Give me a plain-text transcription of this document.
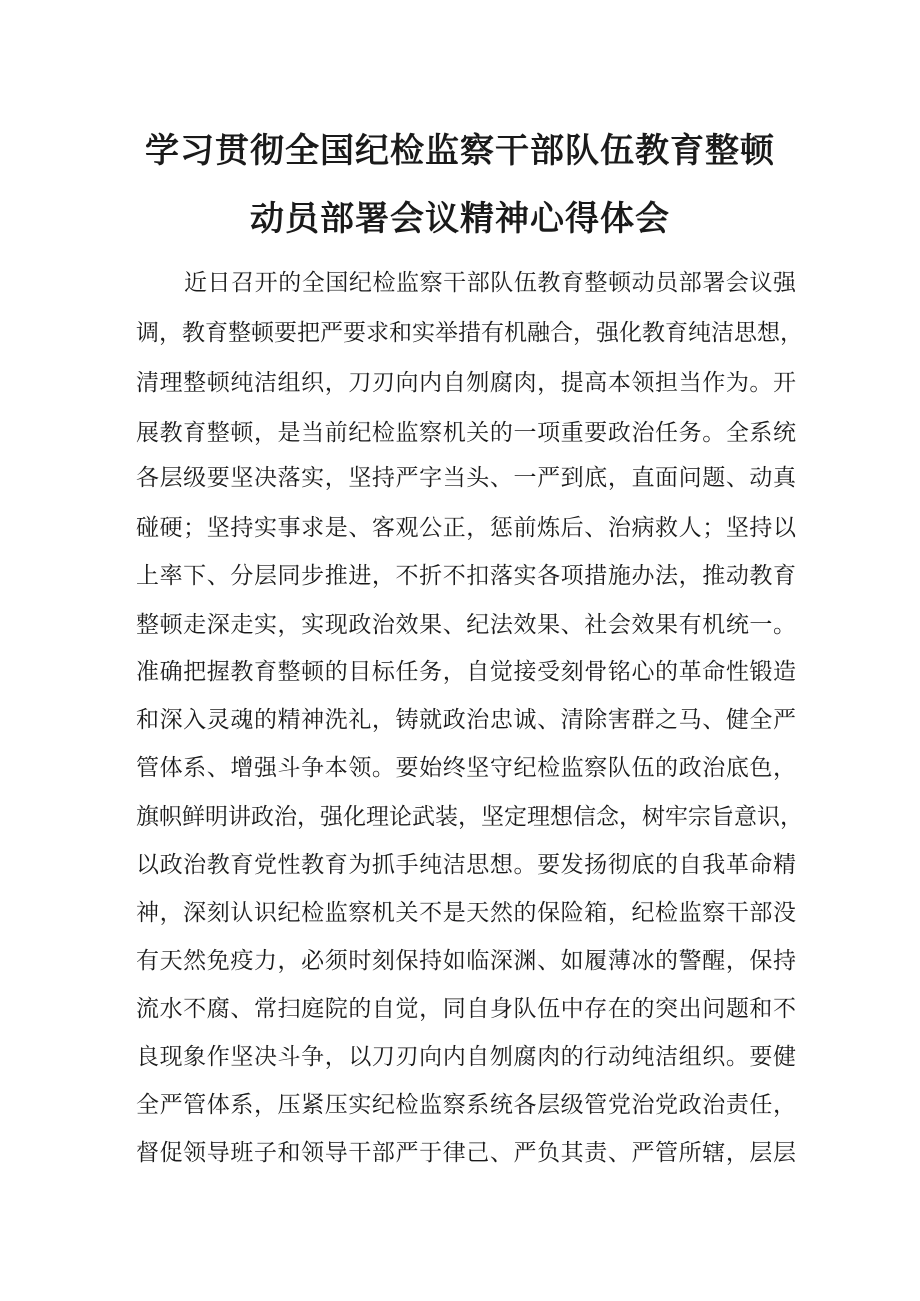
学习贯彻全国纪检监察干部队伍教育整顿
动员部署会议精神心得体会
近日召开的全国纪检监察干部队伍教育整顿动员部署会议强
调，教育整顿要把严要求和实举措有机融合，强化教育纯洁思想，
清理整顿纯洁组织，刀刃向内自刎腐肉，提高本领担当作为。开
展教育整顿，是当前纪检监察机关的一项重要政治任务。全系统
各层级要坚决落实，坚持严字当头、一严到底，直面问题、动真
碰硬；坚持实事求是、客观公正，惩前炼后、治病救人；坚持以
上率下、分层同步推进，不折不扣落实各项措施办法，推动教育
整顿走深走实，实现政治效果、纪法效果、社会效果有机统一。
准确把握教育整顿的目标任务，自觉接受刻骨铭心的革命性锻造
和深入灵魂的精神洗礼，铸就政治忠诚、清除害群之马、健全严
管体系、增强斗争本领。要始终坚守纪检监察队伍的政治底色，
旗帜鲜明讲政治，强化理论武装，坚定理想信念，树牢宗旨意识，
以政治教育党性教育为抓手纯洁思想。要发扬彻底的自我革命精
神，深刻认识纪检监察机关不是天然的保险箱，纪检监察干部没
有天然免疫力，必须时刻保持如临深渊、如履薄冰的警醒，保持
流水不腐、常扫庭院的自觉，同自身队伍中存在的突出问题和不
良现象作坚决斗争，以刀刃向内自刎腐肉的行动纯洁组织。要健
全严管体系，压紧压实纪检监察系统各层级管党治党政治责任，
督促领导班子和领导干部严于律己、严负其责、严管所辖，层层
